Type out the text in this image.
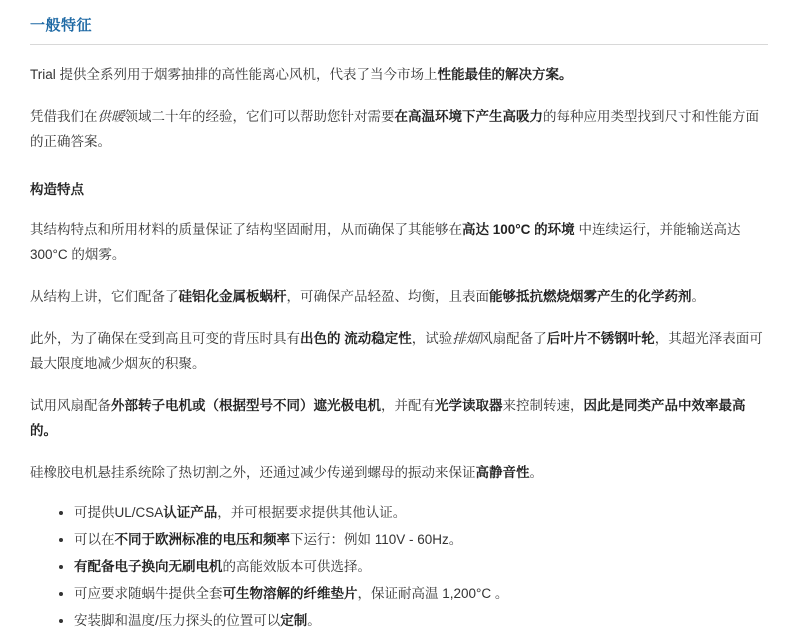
一般特征

Trial 提供全系列用于烟雾抽排的高性能离心风机，代表了当今市场上性能最佳的解决方案。

凭借我们在供暖领域二十年的经验，它们可以帮助您针对需要在高温环境下产生高吸力的每种应用类型找到尺寸和性能方面的正确答案。

构造特点

其结构特点和所用材料的质量保证了结构坚固耐用，从而确保了其能够在高达 100°C 的环境 中连续运行，并能输送高达 300°C 的烟雾。

从结构上讲，它们配备了硅铝化金属板蜗杆，可确保产品轻盈、均衡，且表面能够抵抗燃烧烟雾产生的化学药剂。

此外，为了确保在受到高且可变的背压时具有出色的 流动稳定性，试验排烟风扇配备了后叶片不锈钢叶轮，其超光泽表面可最大限度地减少烟灰的积聚。

试用风扇配备外部转子电机或（根据型号不同）遮光极电机，并配有光学读取器来控制转速，因此是同类产品中效率最高的。

硅橡胶电机悬挂系统除了热切割之外，还通过减少传递到螺母的振动来保证高静音性。

• 可提供UL/CSA认证产品，并可根据要求提供其他认证。
• 可以在不同于欧洲标准的电压和频率下运行：例如 110V - 60Hz。
• 有配备电子换向无刷电机的高能效版本可供选择。
• 可应要求随蜗牛提供全套可生物溶解的纤维垫片，保证耐高温 1,200°C 。
• 安装脚和温度/压力探头的位置可以定制。
